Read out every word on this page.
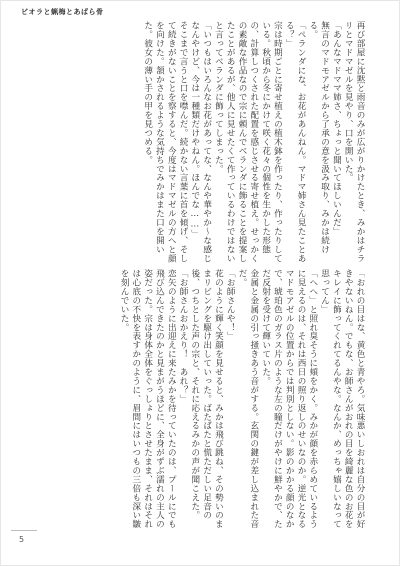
ビオラと蝋梅とあばら骨
再び部屋に沈黙と雨音のみが広がりかけたとき、みかはチラリとマドマゼルを見やり、口を開いた。
「あんなマドママ姉さ、ちょっと聞いてほしいんだ」
無言のマドモアゼルから了承の意を汲み取り、みかは続ける。
「ペランダにな、お花があんねん。マドマ姉さん見たことある？」
宗は時期ごとに寄せ植えの植木鉢を作ったり、作ったりしている。秋頃から冬にかけて咲く花々の個性を生かした形態の、計算しつくされた配置を感じさせる寄せ植え。せっかくの素敵な作品なので宗に頼んでベランダに飾ることを提案したことがあるが、他人に見せたくて作っているわけではないと言ってベランダに飾ってしまった。
「いつもはいろんなお花があってな、なんや華やか〜な感じなんやけど、今は一種類だけやねん。ほんでな……」
そこまで言うと口を噤んだ。続かない言葉に首を傾げ、そして続きがないことを察すると、今度はマドマゼルの方へと顔を向けた。頷かされるような気持ちでみかはまた口を開いた。彼女の薄い手の甲を見つめる。
「おれの目はな、黄色と青やろ。気味悪いしおれは自分の目が好きやないねん。でもな、お師さんがおれの目を綺麗な色のお花をキレイに飾ってくれてるんやな。なんか、めっちゃ嬉しいなって思ってん」
「へへ」と照れ臭そうに頬をかく。みかが顔を赤らめているように見えるのは、それは西日の照り返しのせいなのか。逆光となるマドモアゼルの位置からでは判別としない。影のかかる顔のなかで、琥珀色のガラス片のような左の瞳だけがやけに鮮やかで、ただ反射を受けて輝いていた。
金属と金属の引っ掻きあう音がする。玄関の鍵が差し込まれた音だ。
「お師さんや！」
花のように輝く笑顔を見せると、みかは飛び跳ね、その勢いのままリビングを駆け出していった。ばたばたと慌ただしい足音の後、つちとした声の宗と、それに応えるみかの声が聞こえた。
「お師さんおかえり！　あれ？」
恋矢のように出迎えに来たみかを待っていたのは、プールにでも飛び込んできたのかと見まがうほどに、全身がずぶ濡れの主人の姿だった。宗は身体全体をぐっしょりとさせたまま、それはそれは心底の不快を表すかのように、眉間にはいつもの三倍も深い皺を刻んでいた。
5
